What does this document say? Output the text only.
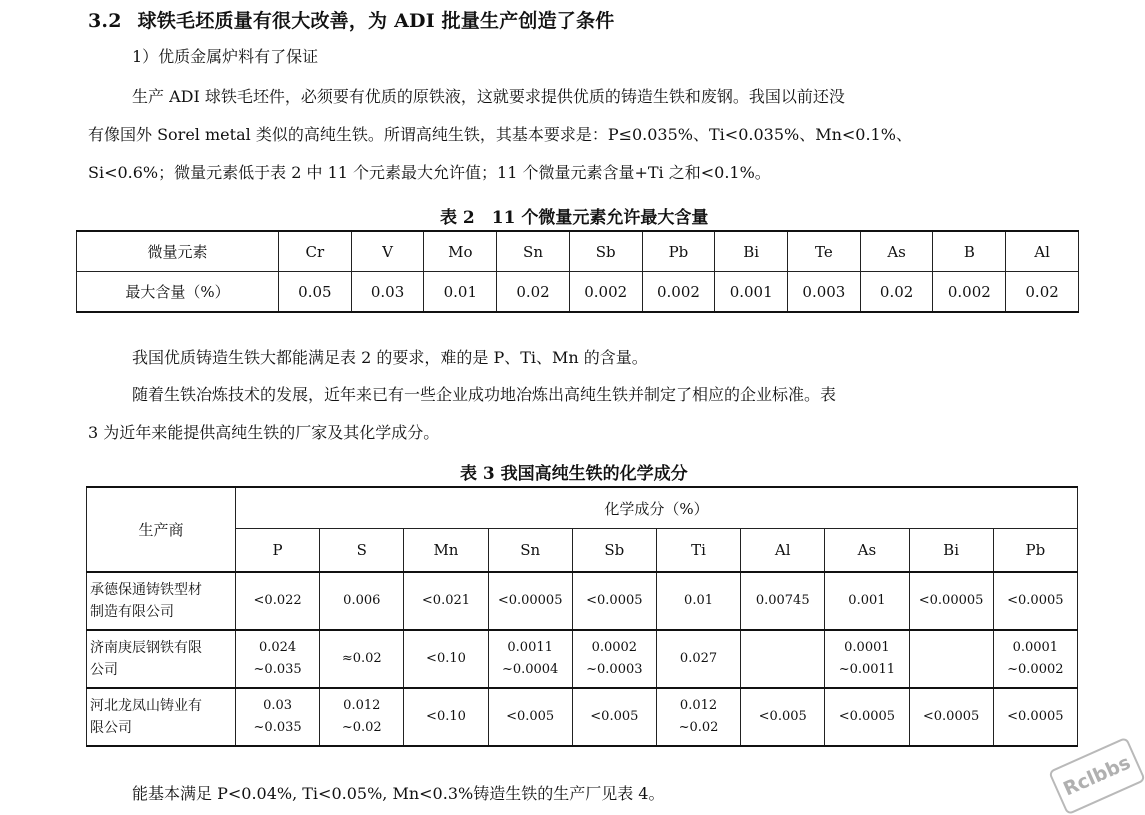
3.2 球铁毛坯质量有很大改善，为 ADI 批量生产创造了条件
1）优质金属炉料有了保证
生产 ADI 球铁毛坯件，必须要有优质的原铁液，这就要求提供优质的铸造生铁和废钢。我国以前还没
有像国外 Sorel metal 类似的高纯生铁。所谓高纯生铁，其基本要求是：P≤0.035%、Ti<0.035%、Mn<0.1%、
Si<0.6%；微量元素低于表 2 中 11 个元素最大允许值；11 个微量元素含量+Ti 之和<0.1%。
表 2　11 个微量元素允许最大含量
微量元素	Cr	V	Mo	Sn	Sb	Pb	Bi	Te	As	B	Al
最大含量（%）	0.05	0.03	0.01	0.02	0.002	0.002	0.001	0.003	0.02	0.002	0.02
我国优质铸造生铁大都能满足表 2 的要求，难的是 P、Ti、Mn 的含量。
随着生铁冶炼技术的发展，近年来已有一些企业成功地冶炼出高纯生铁并制定了相应的企业标准。表
3 为近年来能提供高纯生铁的厂家及其化学成分。
表 3 我国高纯生铁的化学成分
生产商	化学成分（%）									
	P	S	Mn	Sn	Sb	Ti	Al	As	Bi	Pb

承德保通铸铁型材
制造有限公司	<0.022	0.006	<0.021	<0.00005	<0.0005	0.01	0.00745	0.001	<0.00005	<0.0005

济南庚辰钢铁有限
公司	0.024
~0.035	≈0.02	<0.10	0.0011
~0.0004	0.0002
~0.0003	0.027		0.0001
~0.0011		0.0001
~0.0002

河北龙凤山铸业有
限公司	0.03
~0.035	0.012
~0.02	<0.10	<0.005	<0.005	0.012
~0.02	<0.005	<0.0005	<0.0005	<0.0005
能基本满足 P<0.04%, Ti<0.05%, Mn<0.3%铸造生铁的生产厂见表 4。	Rclbbs
